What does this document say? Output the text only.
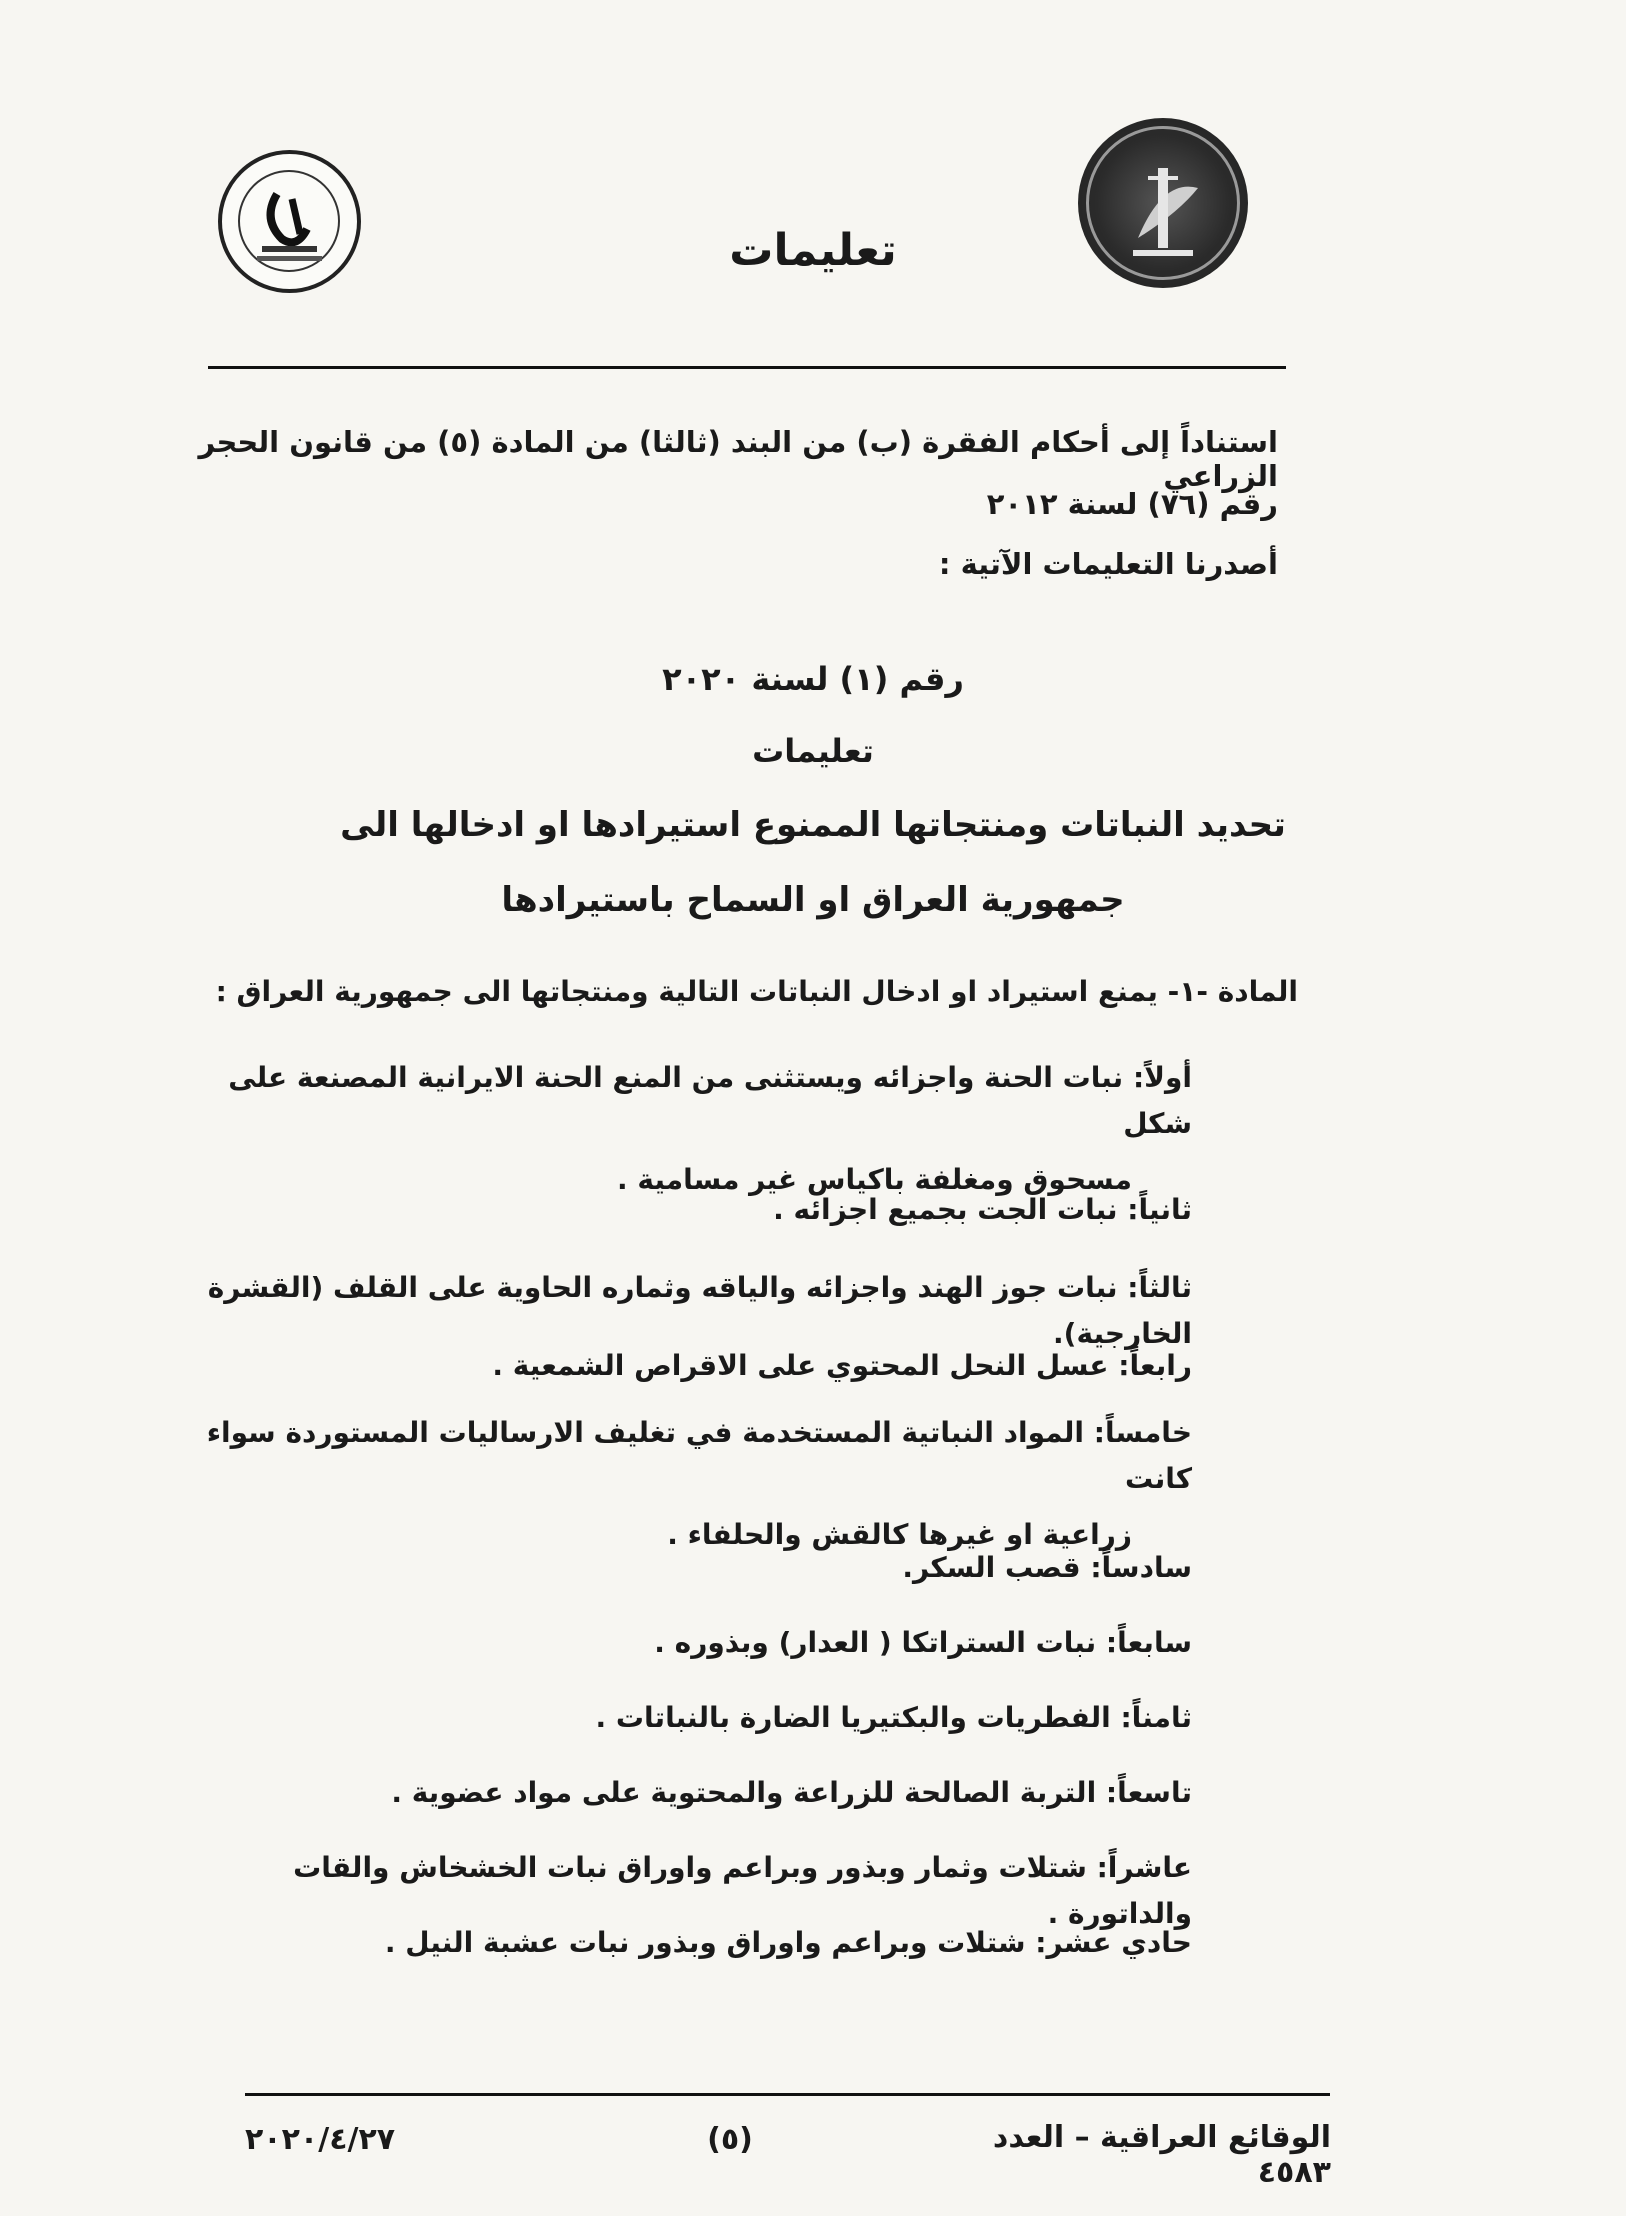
تعليمات
استناداً إلى أحكام الفقرة (ب) من البند (ثالثا) من المادة (٥) من قانون الحجر الزراعي
رقم (٧٦) لسنة ٢٠١٢
أصدرنا التعليمات الآتية :
رقم (١) لسنة ٢٠٢٠
تعليمات
تحديد النباتات ومنتجاتها الممنوع استيرادها او ادخالها الى
جمهورية العراق او السماح باستيرادها
المادة -١- يمنع استيراد او ادخال النباتات التالية ومنتجاتها الى جمهورية العراق :
أولاً: نبات الحنة واجزائه ويستثنى من المنع الحنة الايرانية المصنعة على شكل
مسحوق ومغلفة باكياس غير مسامية .
ثانياً: نبات الجت بجميع اجزائه .
ثالثاً: نبات جوز الهند واجزائه والياقه وثماره الحاوية على القلف (القشرة الخارجية).
رابعاً: عسل النحل المحتوي على الاقراص الشمعية .
خامساً: المواد النباتية المستخدمة في تغليف الارساليات المستوردة سواء كانت
زراعية او غيرها كالقش والحلفاء .
سادساً: قصب السكر.
سابعاً: نبات الستراتكا ( العدار) وبذوره .
ثامناً: الفطريات والبكتيريا الضارة بالنباتات .
تاسعاً: التربة الصالحة للزراعة والمحتوية على مواد عضوية .
عاشراً: شتلات وثمار وبذور وبراعم واوراق نبات الخشخاش والقات والداتورة .
حادي عشر: شتلات وبراعم واوراق وبذور نبات عشبة النيل .
الوقائع العراقية – العدد ٤٥٨٣
(٥)
٢٠٢٠/٤/٢٧
